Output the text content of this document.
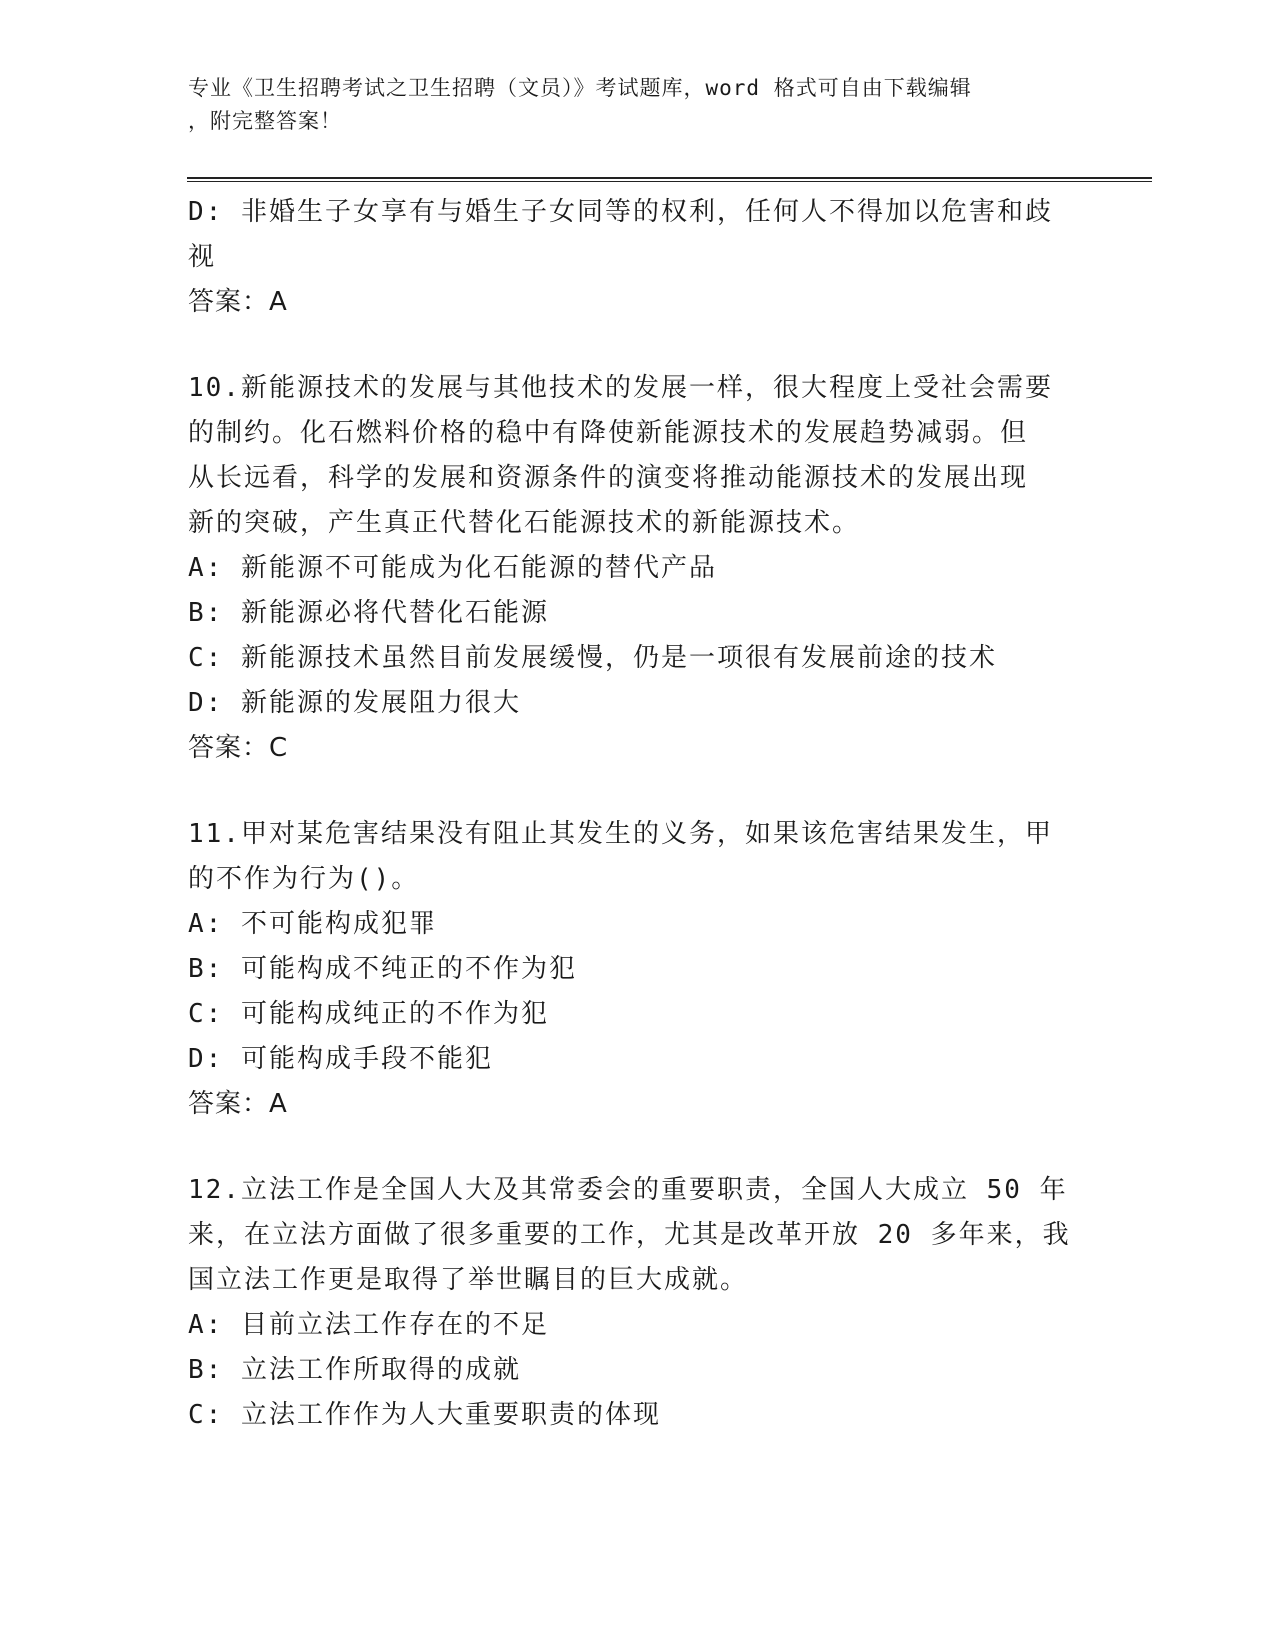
专业《卫生招聘考试之卫生招聘（文员）》考试题库，word 格式可自由下载编辑
，附完整答案！
D: 非婚生子女享有与婚生子女同等的权利，任何人不得加以危害和歧
视
答案：A
10.新能源技术的发展与其他技术的发展一样，很大程度上受社会需要
的制约。化石燃料价格的稳中有降使新能源技术的发展趋势减弱。但
从长远看，科学的发展和资源条件的演变将推动能源技术的发展出现
新的突破，产生真正代替化石能源技术的新能源技术。
A: 新能源不可能成为化石能源的替代产品
B: 新能源必将代替化石能源
C: 新能源技术虽然目前发展缓慢，仍是一项很有发展前途的技术
D: 新能源的发展阻力很大
答案：C
11.甲对某危害结果没有阻止其发生的义务，如果该危害结果发生，甲
的不作为行为()。
A: 不可能构成犯罪
B: 可能构成不纯正的不作为犯
C: 可能构成纯正的不作为犯
D: 可能构成手段不能犯
答案：A
12.立法工作是全国人大及其常委会的重要职责，全国人大成立 50 年
来，在立法方面做了很多重要的工作，尤其是改革开放 20 多年来，我
国立法工作更是取得了举世瞩目的巨大成就。
A: 目前立法工作存在的不足
B: 立法工作所取得的成就
C: 立法工作作为人大重要职责的体现
